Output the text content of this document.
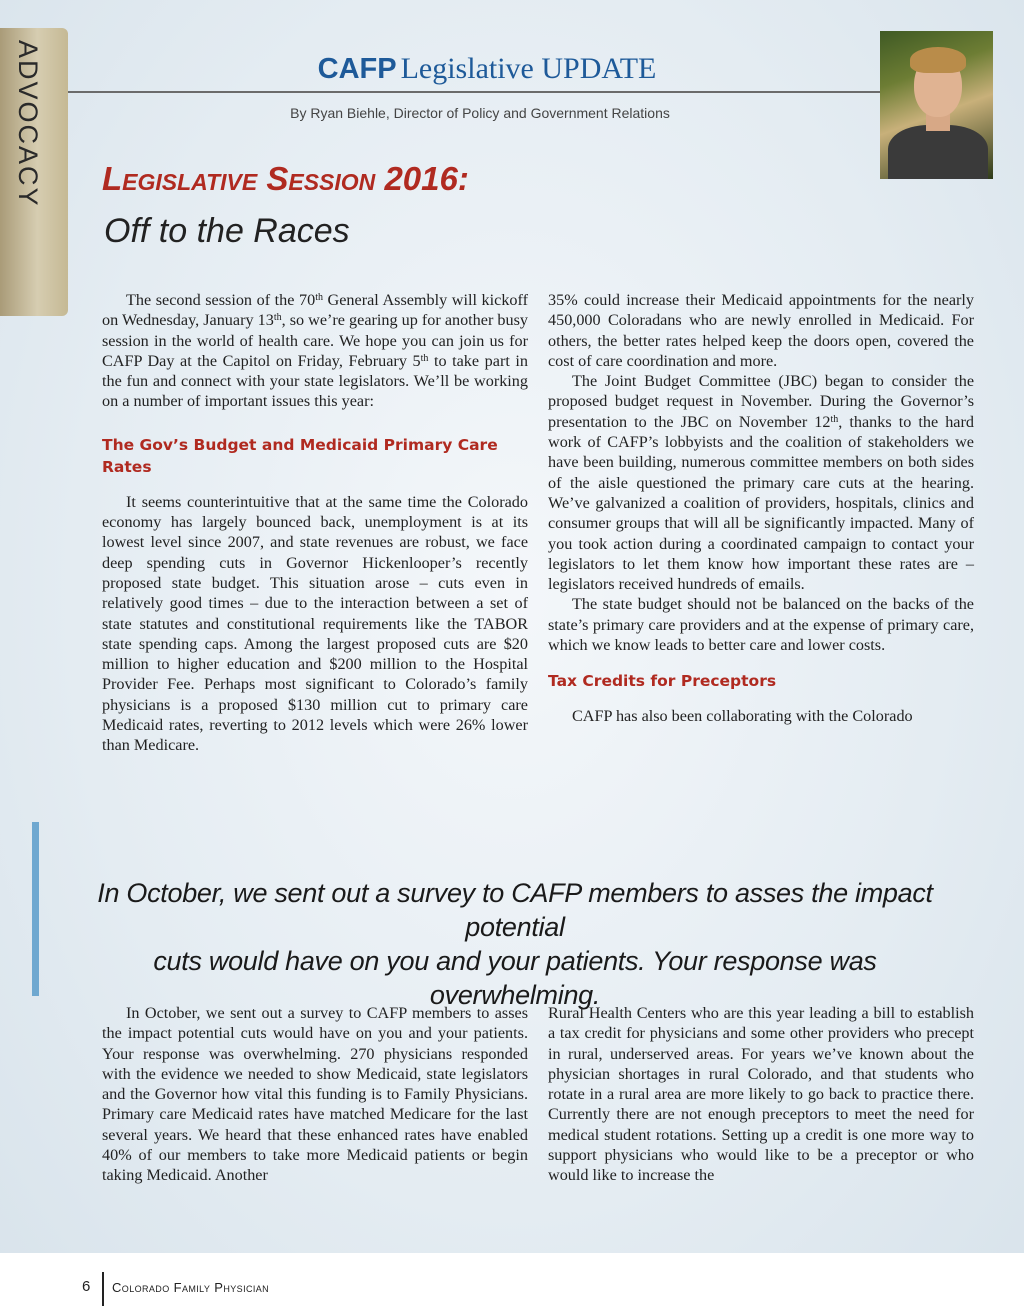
ADVOCACY	CAFP Legislative UPDATE
By Ryan Biehle, Director of Policy and Government Relations
Legislative Session 2016:
Off to the Races

The second session of the 70th General Assembly will kickoff on Wednesday, January 13th, so we’re gearing up for another busy session in the world of health care. We hope you can join us for CAFP Day at the Capitol on Friday, February 5th to take part in the fun and connect with your state legislators. We’ll be working on a number of important issues this year:

The Gov’s Budget and Medicaid Primary Care Rates

It seems counterintuitive that at the same time the Colorado economy has largely bounced back, unemployment is at its lowest level since 2007, and state revenues are robust, we face deep spending cuts in Governor Hickenlooper’s recently proposed state budget. This situation arose – cuts even in relatively good times – due to the interaction between a set of state statutes and constitutional requirements like the TABOR state spending caps. Among the largest proposed cuts are $20 million to higher education and $200 million to the Hospital Provider Fee. Perhaps most significant to Colorado’s family physicians is a proposed $130 million cut to primary care Medicaid rates, reverting to 2012 levels which were 26% lower than Medicare.

35% could increase their Medicaid appointments for the nearly 450,000 Coloradans who are newly enrolled in Medicaid. For others, the better rates helped keep the doors open, covered the cost of care coordination and more.

The Joint Budget Committee (JBC) began to consider the proposed budget request in November. During the Governor’s presentation to the JBC on November 12th, thanks to the hard work of CAFP’s lobbyists and the coalition of stakeholders we have been building, numerous committee members on both sides of the aisle questioned the primary care cuts at the hearing. We’ve galvanized a coalition of providers, hospitals, clinics and consumer groups that will all be significantly impacted. Many of you took action during a coordinated campaign to contact your legislators to let them know how important these rates are – legislators received hundreds of emails.

The state budget should not be balanced on the backs of the state’s primary care providers and at the expense of primary care, which we know leads to better care and lower costs.

Tax Credits for Preceptors

CAFP has also been collaborating with the Colorado

In October, we sent out a survey to CAFP members to asses the impact potential
cuts would have on you and your patients. Your response was overwhelming.

In October, we sent out a survey to CAFP members to asses the impact potential cuts would have on you and your patients. Your response was overwhelming. 270 physicians responded with the evidence we needed to show Medicaid, state legislators and the Governor how vital this funding is to Family Physicians. Primary care Medicaid rates have matched Medicare for the last several years. We heard that these enhanced rates have enabled 40% of our members to take more Medicaid patients or begin taking Medicaid. Another

Rural Health Centers who are this year leading a bill to establish a tax credit for physicians and some other providers who precept in rural, underserved areas. For years we’ve known about the physician shortages in rural Colorado, and that students who rotate in a rural area are more likely to go back to practice there. Currently there are not enough preceptors to meet the need for medical student rotations. Setting up a credit is one more way to support physicians who would like to be a preceptor or who would like to increase the

6 Colorado Family Physician
